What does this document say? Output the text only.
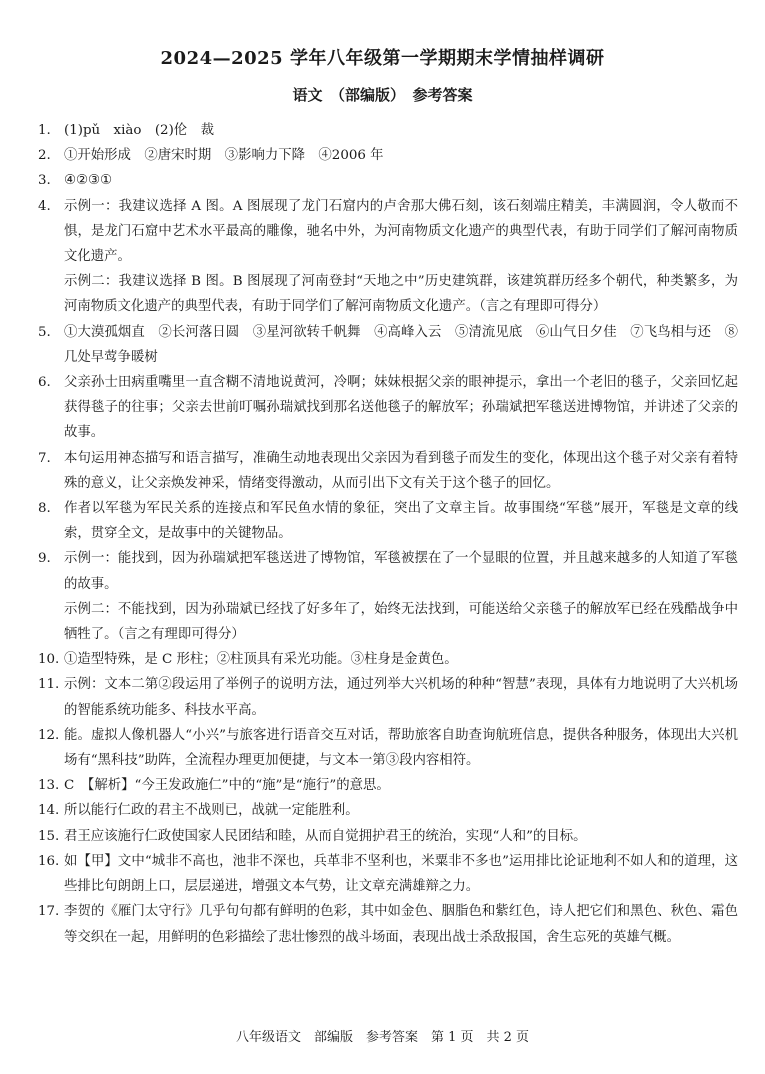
2024—2025 学年八年级第一学期期末学情抽样调研
语文　（部编版）　参考答案
1. (1)pǔ　xiào　(2)伦　裁
2. ①开始形成　②唐宋时期　③影响力下降　④2006 年
3. ④②③①
4. 示例一：我建议选择 A 图。A 图展现了龙门石窟内的卢舍那大佛石刻，该石刻端庄精美，丰满圆润，令人敬而不惧，是龙门石窟中艺术水平最高的雕像，驰名中外，为河南物质文化遗产的典型代表，有助于同学们了解河南物质文化遗产。
示例二：我建议选择 B 图。B 图展现了河南登封“天地之中”历史建筑群，该建筑群历经多个朝代，种类繁多，为河南物质文化遗产的典型代表，有助于同学们了解河南物质文化遗产。（言之有理即可得分）
5. ①大漠孤烟直　②长河落日圆　③星河欲转千帆舞　④高峰入云　⑤清流见底　⑥山气日夕佳　⑦飞鸟相与还　⑧几处早莺争暖树
6. 父亲孙士田病重嘴里一直含糊不清地说黄河，冷啊；妹妹根据父亲的眼神提示，拿出一个老旧的毯子，父亲回忆起获得毯子的往事；父亲去世前叮嘱孙瑞斌找到那名送他毯子的解放军；孙瑞斌把军毯送进博物馆，并讲述了父亲的故事。
7. 本句运用神态描写和语言描写，准确生动地表现出父亲因为看到毯子而发生的变化，体现出这个毯子对父亲有着特殊的意义，让父亲焕发神采，情绪变得激动，从而引出下文有关于这个毯子的回忆。
8. 作者以军毯为军民关系的连接点和军民鱼水情的象征，突出了文章主旨。故事围绕“军毯”展开，军毯是文章的线索，贯穿全文，是故事中的关键物品。
9. 示例一：能找到，因为孙瑞斌把军毯送进了博物馆，军毯被摆在了一个显眼的位置，并且越来越多的人知道了军毯的故事。
示例二：不能找到，因为孙瑞斌已经找了好多年了，始终无法找到，可能送给父亲毯子的解放军已经在残酷战争中牺牲了。（言之有理即可得分）
10. ①造型特殊，是 C 形柱；②柱顶具有采光功能。③柱身是金黄色。
11. 示例：文本二第②段运用了举例子的说明方法，通过列举大兴机场的种种“智慧”表现，具体有力地说明了大兴机场的智能系统功能多、科技水平高。
12. 能。虚拟人像机器人“小兴”与旅客进行语音交互对话，帮助旅客自助查询航班信息，提供各种服务，体现出大兴机场有“黑科技”助阵，全流程办理更加便捷，与文本一第③段内容相符。
13. C　【解析】“今王发政施仁”中的“施”是“施行”的意思。
14. 所以能行仁政的君主不战则已，战就一定能胜利。
15. 君王应该施行仁政使国家人民团结和睦，从而自觉拥护君王的统治，实现“人和”的目标。
16. 如【甲】文中“城非不高也，池非不深也，兵革非不坚利也，米粟非不多也”运用排比论证地利不如人和的道理，这些排比句朗朗上口，层层递进，增强文本气势，让文章充满雄辩之力。
17. 李贺的《雁门太守行》几乎句句都有鲜明的色彩，其中如金色、胭脂色和紫红色，诗人把它们和黑色、秋色、霜色等交织在一起，用鲜明的色彩描绘了悲壮惨烈的战斗场面，表现出战士杀敌报国，舍生忘死的英雄气概。
八年级语文　部编版　参考答案　第 1 页　共 2 页
